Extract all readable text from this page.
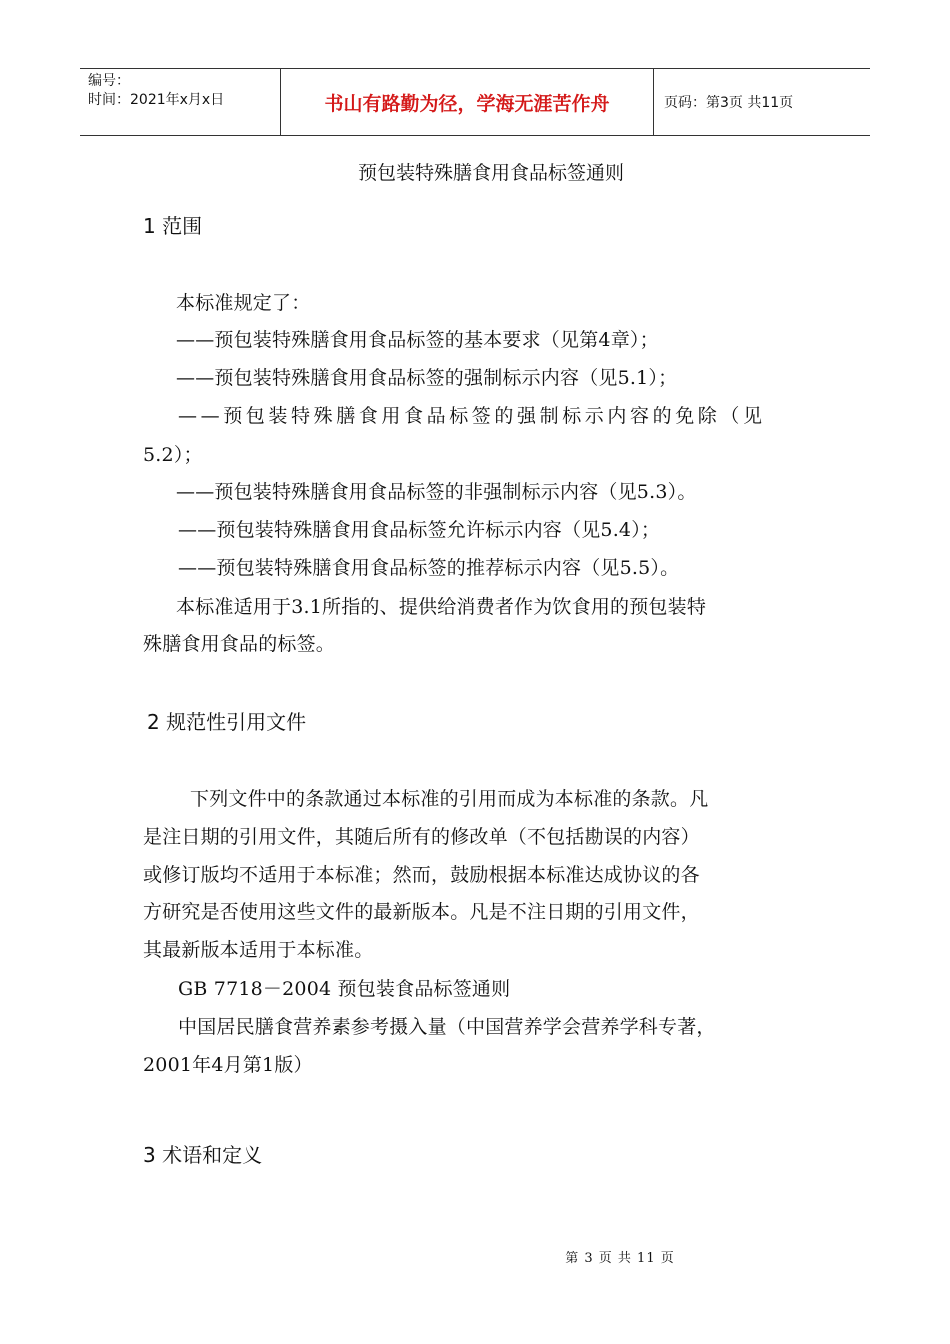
编号：
时间：2021年x月x日	书山有路勤为径，学海无涯苦作舟	页码：第3页 共11页
预包装特殊膳食用食品标签通则
1 范围
本标准规定了：
——预包装特殊膳食用食品标签的基本要求（见第4章）；
——预包装特殊膳食用食品标签的强制标示内容（见5.1）；
——预包装特殊膳食用食品标签的强制标示内容的免除（见
5.2）；
——预包装特殊膳食用食品标签的非强制标示内容（见5.3）。
——预包装特殊膳食用食品标签允许标示内容（见5.4）；
——预包装特殊膳食用食品标签的推荐标示内容（见5.5）。
本标准适用于3.1所指的、提供给消费者作为饮食用的预包装特
殊膳食用食品的标签。
2 规范性引用文件
下列文件中的条款通过本标准的引用而成为本标准的条款。凡
是注日期的引用文件，其随后所有的修改单（不包括勘误的内容）
或修订版均不适用于本标准；然而，鼓励根据本标准达成协议的各
方研究是否使用这些文件的最新版本。凡是不注日期的引用文件，
其最新版本适用于本标准。
GB 7718－2004 预包装食品标签通则
中国居民膳食营养素参考摄入量（中国营养学会营养学科专著，
2001年4月第1版）
3 术语和定义
第 3 页 共 11 页
